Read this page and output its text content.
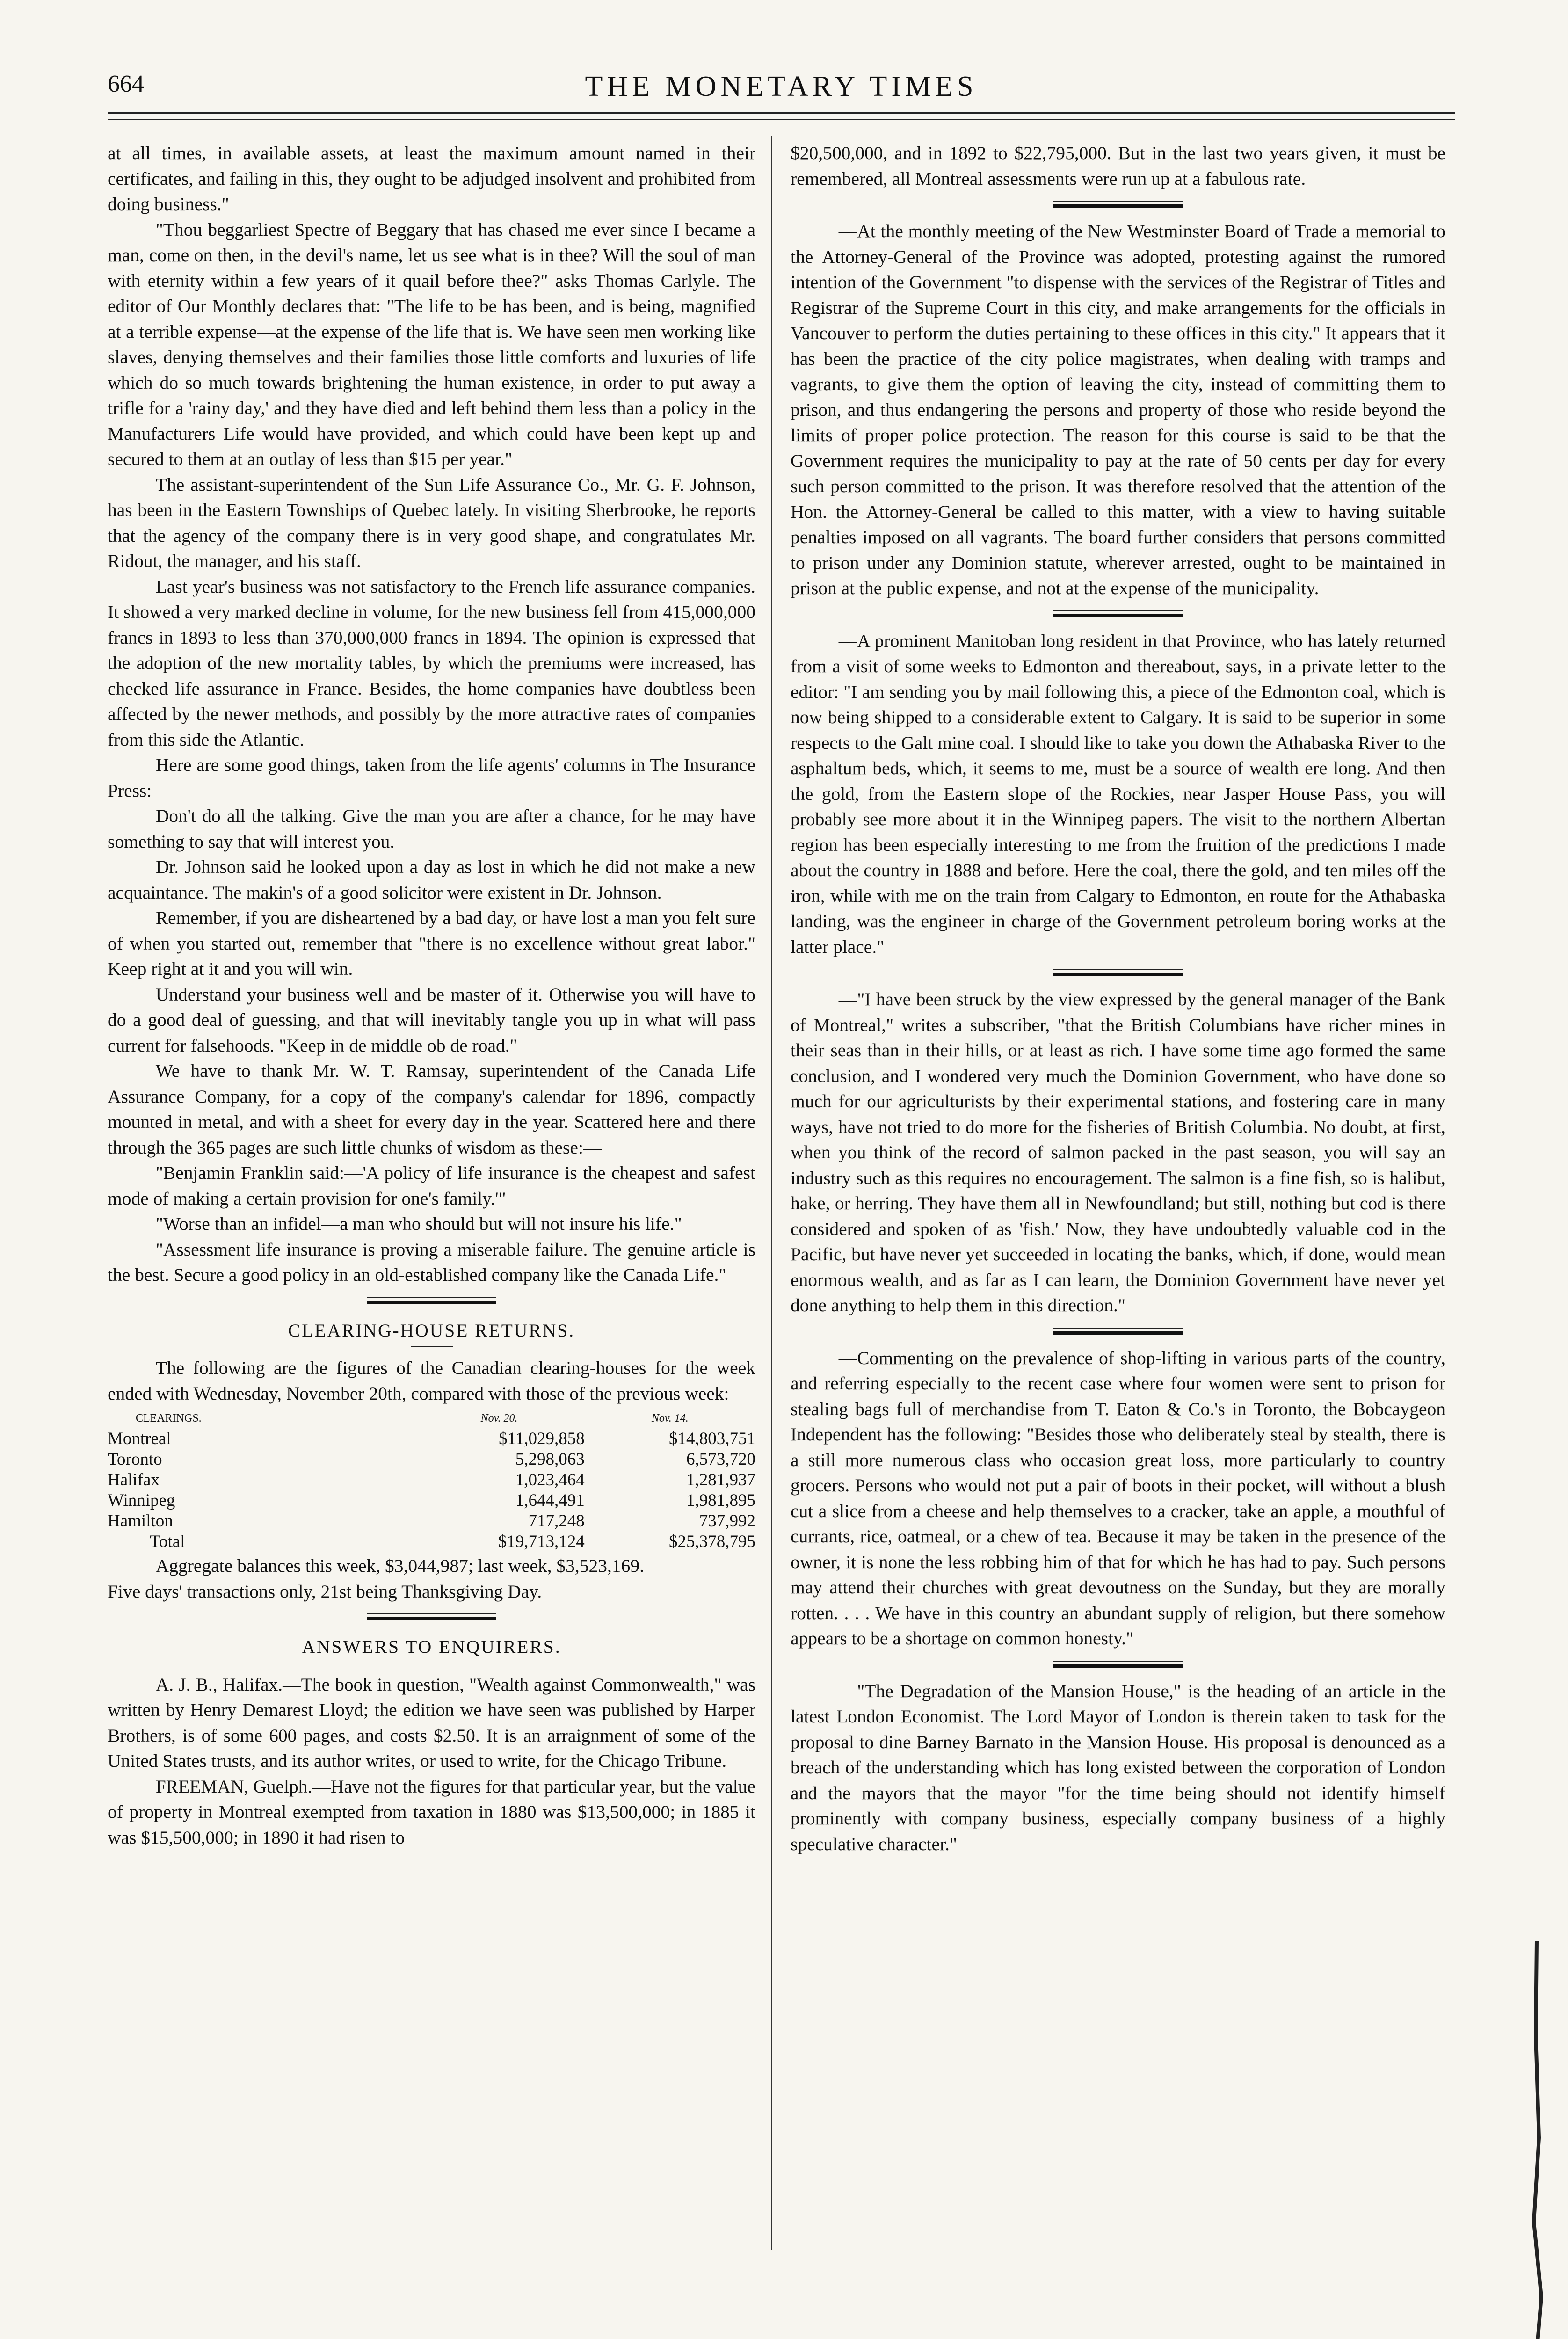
664	THE MONETARY TIMES

at all times, in available assets, at least the maximum amount named in their certificates, and failing in this, they ought to be adjudged insolvent and prohibited from doing business."

"Thou beggarliest Spectre of Beggary that has chased me ever since I became a man, come on then, in the devil's name, let us see what is in thee? Will the soul of man with eternity within a few years of it quail before thee?" asks Thomas Carlyle. The editor of Our Monthly declares that: "The life to be has been, and is being, magnified at a terrible expense—at the expense of the life that is. We have seen men working like slaves, denying themselves and their families those little comforts and luxuries of life which do so much towards brightening the human existence, in order to put away a trifle for a 'rainy day,' and they have died and left behind them less than a policy in the Manufacturers Life would have provided, and which could have been kept up and secured to them at an outlay of less than $15 per year."

The assistant-superintendent of the Sun Life Assurance Co., Mr. G. F. Johnson, has been in the Eastern Townships of Quebec lately. In visiting Sherbrooke, he reports that the agency of the company there is in very good shape, and congratulates Mr. Ridout, the manager, and his staff.

Last year's business was not satisfactory to the French life assurance companies. It showed a very marked decline in volume, for the new business fell from 415,000,000 francs in 1893 to less than 370,000,000 francs in 1894. The opinion is expressed that the adoption of the new mortality tables, by which the premiums were increased, has checked life assurance in France. Besides, the home companies have doubtless been affected by the newer methods, and possibly by the more attractive rates of companies from this side the Atlantic.

Here are some good things, taken from the life agents' columns in The Insurance Press:

Don't do all the talking. Give the man you are after a chance, for he may have something to say that will interest you.

Dr. Johnson said he looked upon a day as lost in which he did not make a new acquaintance. The makin's of a good solicitor were existent in Dr. Johnson.

Remember, if you are disheartened by a bad day, or have lost a man you felt sure of when you started out, remember that "there is no excellence without great labor." Keep right at it and you will win.

Understand your business well and be master of it. Otherwise you will have to do a good deal of guessing, and that will inevitably tangle you up in what will pass current for falsehoods. "Keep in de middle ob de road."

We have to thank Mr. W. T. Ramsay, superintendent of the Canada Life Assurance Company, for a copy of the company's calendar for 1896, compactly mounted in metal, and with a sheet for every day in the year. Scattered here and there through the 365 pages are such little chunks of wisdom as these:—

"Benjamin Franklin said:—'A policy of life insurance is the cheapest and safest mode of making a certain provision for one's family.'"

"Worse than an infidel—a man who should but will not insure his life."

"Assessment life insurance is proving a miserable failure. The genuine article is the best. Secure a good policy in an old-established company like the Canada Life."

CLEARING-HOUSE RETURNS.

The following are the figures of the Canadian clearing-houses for the week ended with Wednesday, November 20th, compared with those of the previous week:

CLEARINGS.	Nov. 20.	Nov. 14.
Montreal	$11,029,858	$14,803,751
Toronto	5,298,063	6,573,720
Halifax	1,023,464	1,281,937
Winnipeg	1,644,491	1,981,895
Hamilton	717,248	737,992
Total	$19,713,124	$25,378,795

Aggregate balances this week, $3,044,987; last week, $3,523,169.

Five days' transactions only, 21st being Thanksgiving Day.

ANSWERS TO ENQUIRERS.

A. J. B., Halifax.—The book in question, "Wealth against Commonwealth," was written by Henry Demarest Lloyd; the edition we have seen was published by Harper Brothers, is of some 600 pages, and costs $2.50. It is an arraignment of some of the United States trusts, and its author writes, or used to write, for the Chicago Tribune.

FREEMAN, Guelph.—Have not the figures for that particular year, but the value of property in Montreal exempted from taxation in 1880 was $13,500,000; in 1885 it was $15,500,000; in 1890 it had risen to

$20,500,000, and in 1892 to $22,795,000. But in the last two years given, it must be remembered, all Montreal assessments were run up at a fabulous rate.

—At the monthly meeting of the New Westminster Board of Trade a memorial to the Attorney-General of the Province was adopted, protesting against the rumored intention of the Government "to dispense with the services of the Registrar of Titles and Registrar of the Supreme Court in this city, and make arrangements for the officials in Vancouver to perform the duties pertaining to these offices in this city." It appears that it has been the practice of the city police magistrates, when dealing with tramps and vagrants, to give them the option of leaving the city, instead of committing them to prison, and thus endangering the persons and property of those who reside beyond the limits of proper police protection. The reason for this course is said to be that the Government requires the municipality to pay at the rate of 50 cents per day for every such person committed to the prison. It was therefore resolved that the attention of the Hon. the Attorney-General be called to this matter, with a view to having suitable penalties imposed on all vagrants. The board further considers that persons committed to prison under any Dominion statute, wherever arrested, ought to be maintained in prison at the public expense, and not at the expense of the municipality.

—A prominent Manitoban long resident in that Province, who has lately returned from a visit of some weeks to Edmonton and thereabout, says, in a private letter to the editor: "I am sending you by mail following this, a piece of the Edmonton coal, which is now being shipped to a considerable extent to Calgary. It is said to be superior in some respects to the Galt mine coal. I should like to take you down the Athabaska River to the asphaltum beds, which, it seems to me, must be a source of wealth ere long. And then the gold, from the Eastern slope of the Rockies, near Jasper House Pass, you will probably see more about it in the Winnipeg papers. The visit to the northern Albertan region has been especially interesting to me from the fruition of the predictions I made about the country in 1888 and before. Here the coal, there the gold, and ten miles off the iron, while with me on the train from Calgary to Edmonton, en route for the Athabaska landing, was the engineer in charge of the Government petroleum boring works at the latter place."

—"I have been struck by the view expressed by the general manager of the Bank of Montreal," writes a subscriber, "that the British Columbians have richer mines in their seas than in their hills, or at least as rich. I have some time ago formed the same conclusion, and I wondered very much the Dominion Government, who have done so much for our agriculturists by their experimental stations, and fostering care in many ways, have not tried to do more for the fisheries of British Columbia. No doubt, at first, when you think of the record of salmon packed in the past season, you will say an industry such as this requires no encouragement. The salmon is a fine fish, so is halibut, hake, or herring. They have them all in Newfoundland; but still, nothing but cod is there considered and spoken of as 'fish.' Now, they have undoubtedly valuable cod in the Pacific, but have never yet succeeded in locating the banks, which, if done, would mean enormous wealth, and as far as I can learn, the Dominion Government have never yet done anything to help them in this direction."

—Commenting on the prevalence of shop-lifting in various parts of the country, and referring especially to the recent case where four women were sent to prison for stealing bags full of merchandise from T. Eaton & Co.'s in Toronto, the Bobcaygeon Independent has the following: "Besides those who deliberately steal by stealth, there is a still more numerous class who occasion great loss, more particularly to country grocers. Persons who would not put a pair of boots in their pocket, will without a blush cut a slice from a cheese and help themselves to a cracker, take an apple, a mouthful of currants, rice, oatmeal, or a chew of tea. Because it may be taken in the presence of the owner, it is none the less robbing him of that for which he has had to pay. Such persons may attend their churches with great devoutness on the Sunday, but they are morally rotten. . . . We have in this country an abundant supply of religion, but there somehow appears to be a shortage on common honesty."

—"The Degradation of the Mansion House," is the heading of an article in the latest London Economist. The Lord Mayor of London is therein taken to task for the proposal to dine Barney Barnato in the Mansion House. His proposal is denounced as a breach of the understanding which has long existed between the corporation of London and the mayors that the mayor "for the time being should not identify himself prominently with company business, especially company business of a highly speculative character."
